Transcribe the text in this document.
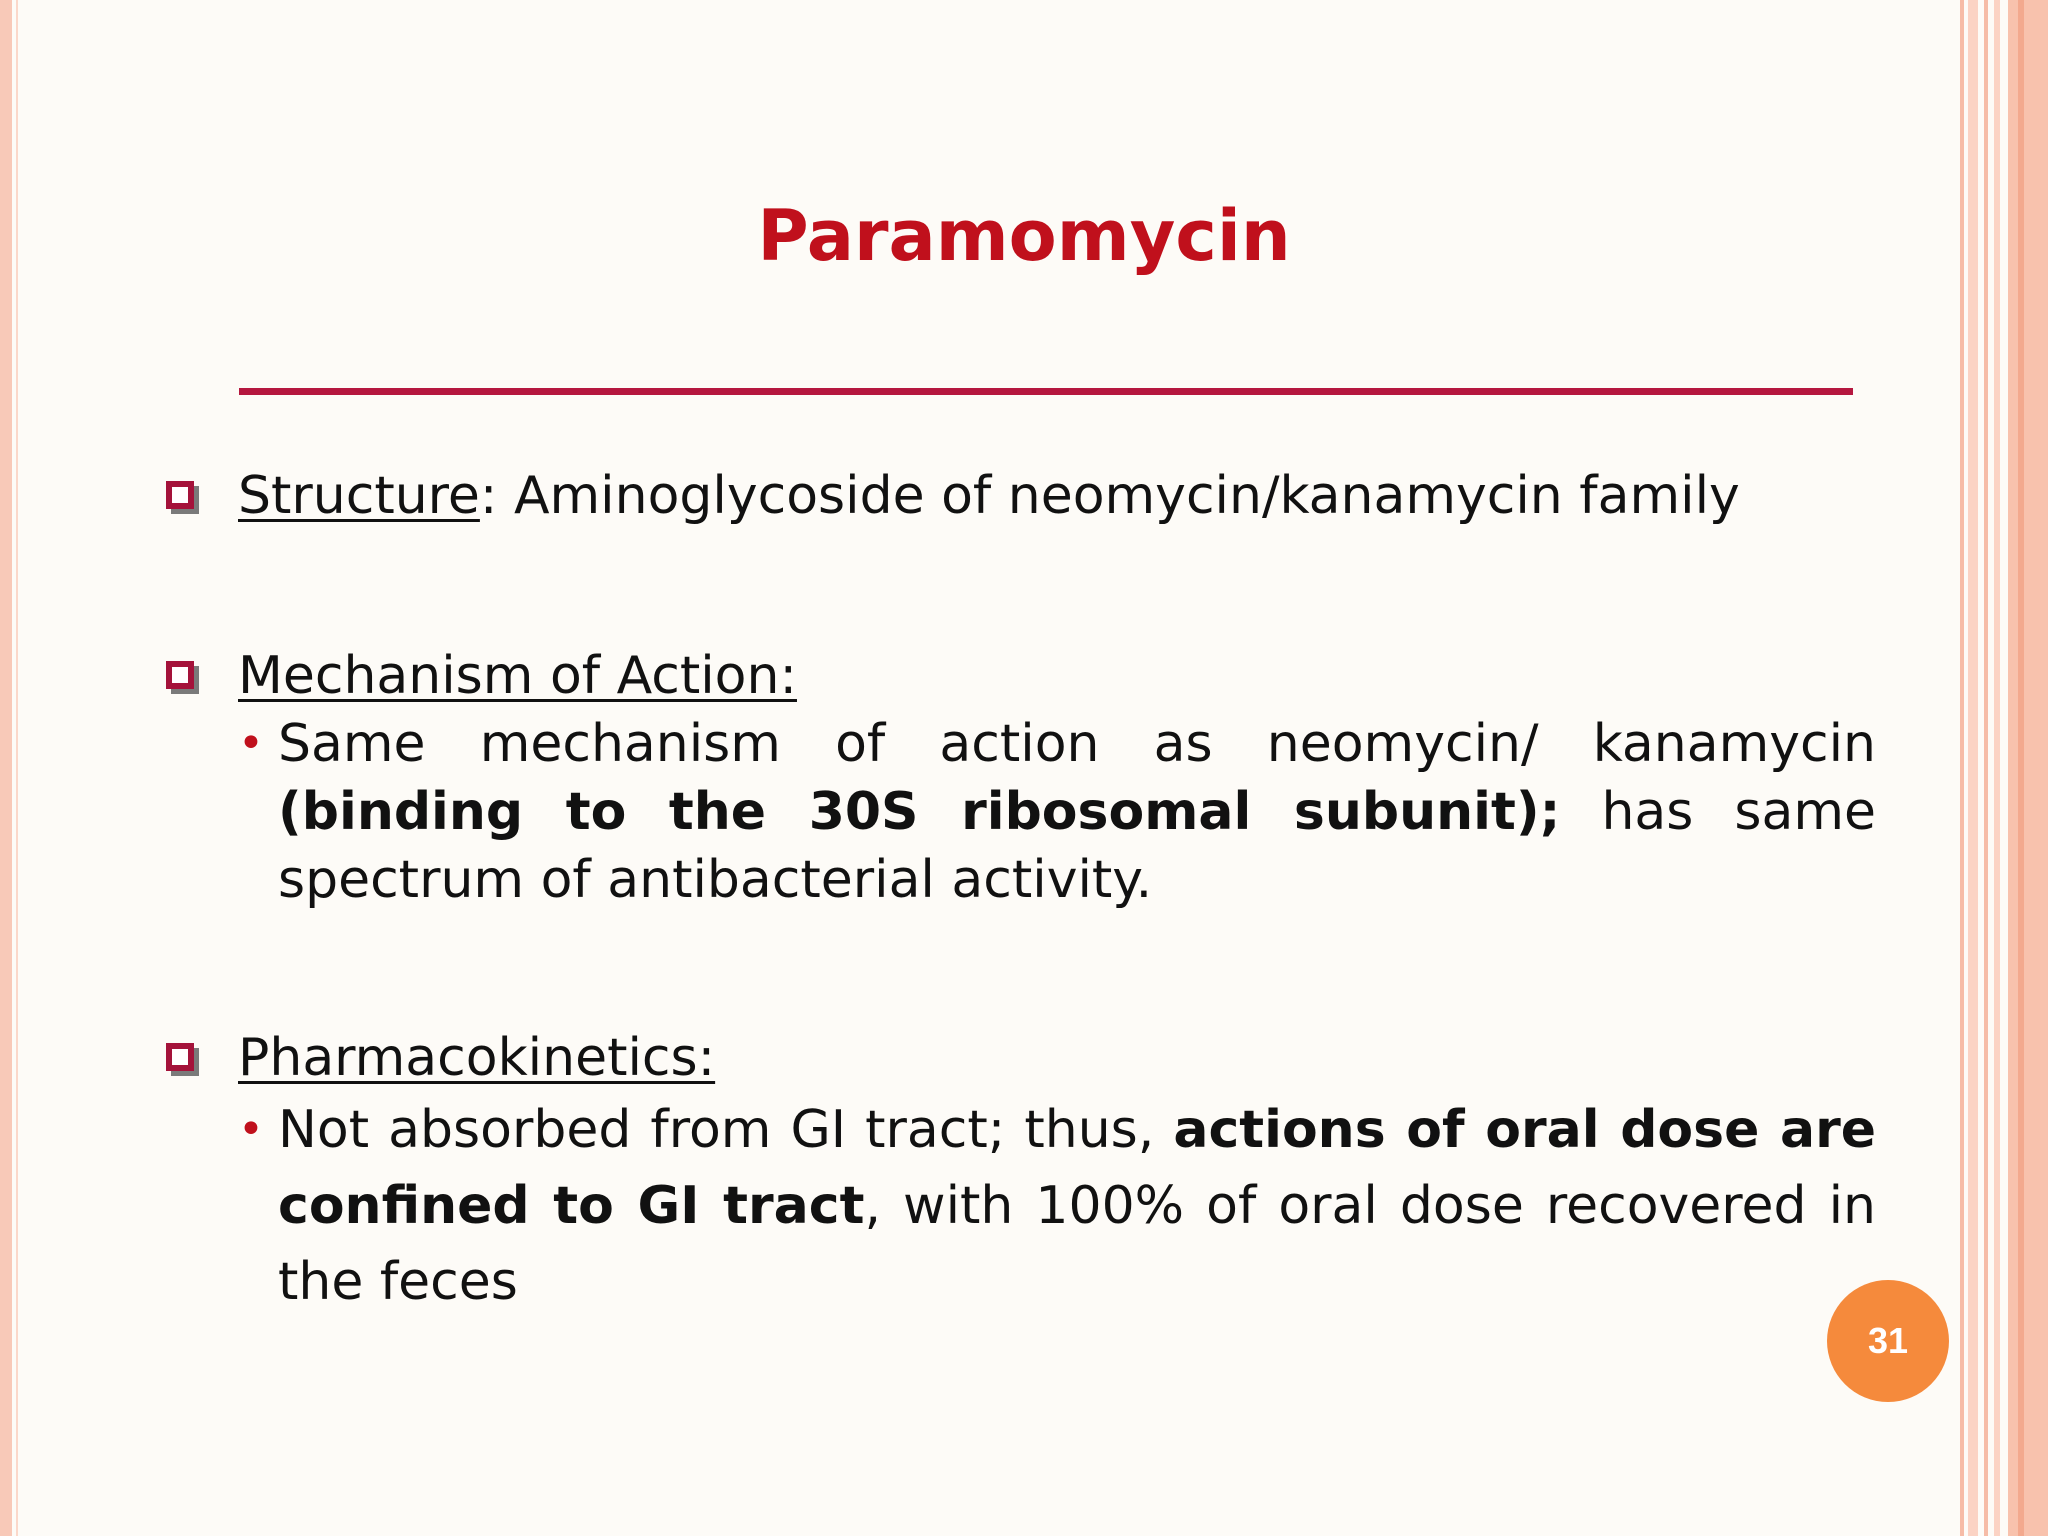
Paramomycin
Structure: Aminoglycoside of neomycin/kanamycin family
Mechanism of Action:
• Same mechanism of action as neomycin/ kanamycin (binding to the 30S ribosomal subunit); has same spectrum of antibacterial activity.
Pharmacokinetics:
• Not absorbed from GI tract; thus, actions of oral dose are confined to GI tract, with 100% of oral dose recovered in the feces
31
